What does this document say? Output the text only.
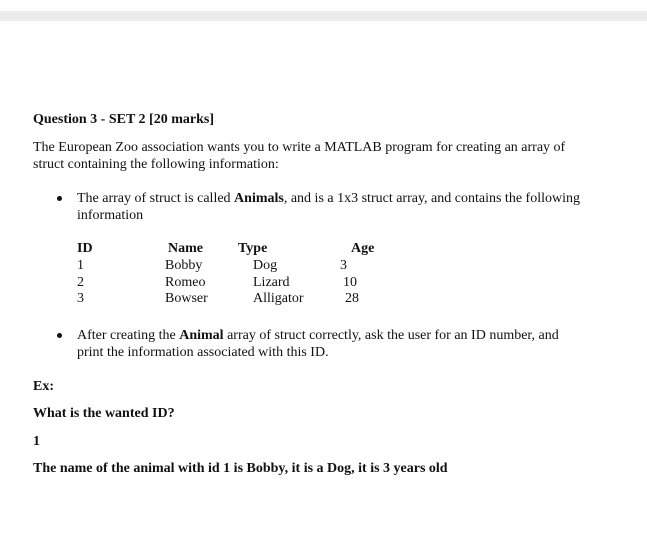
Question 3 - SET 2 [20 marks]
The European Zoo association wants you to write a MATLAB program for creating an array of
struct containing the following information:
The array of struct is called Animals, and is a 1x3 struct array, and contains the following
information
ID	Name	Type	Age
1	Bobby	Dog	3
2	Romeo	Lizard	10
3	Bowser	Alligator	28
After creating the Animal array of struct correctly, ask the user for an ID number, and
print the information associated with this ID.
Ex:
What is the wanted ID?
1
The name of the animal with id 1 is Bobby, it is a Dog, it is 3 years old
